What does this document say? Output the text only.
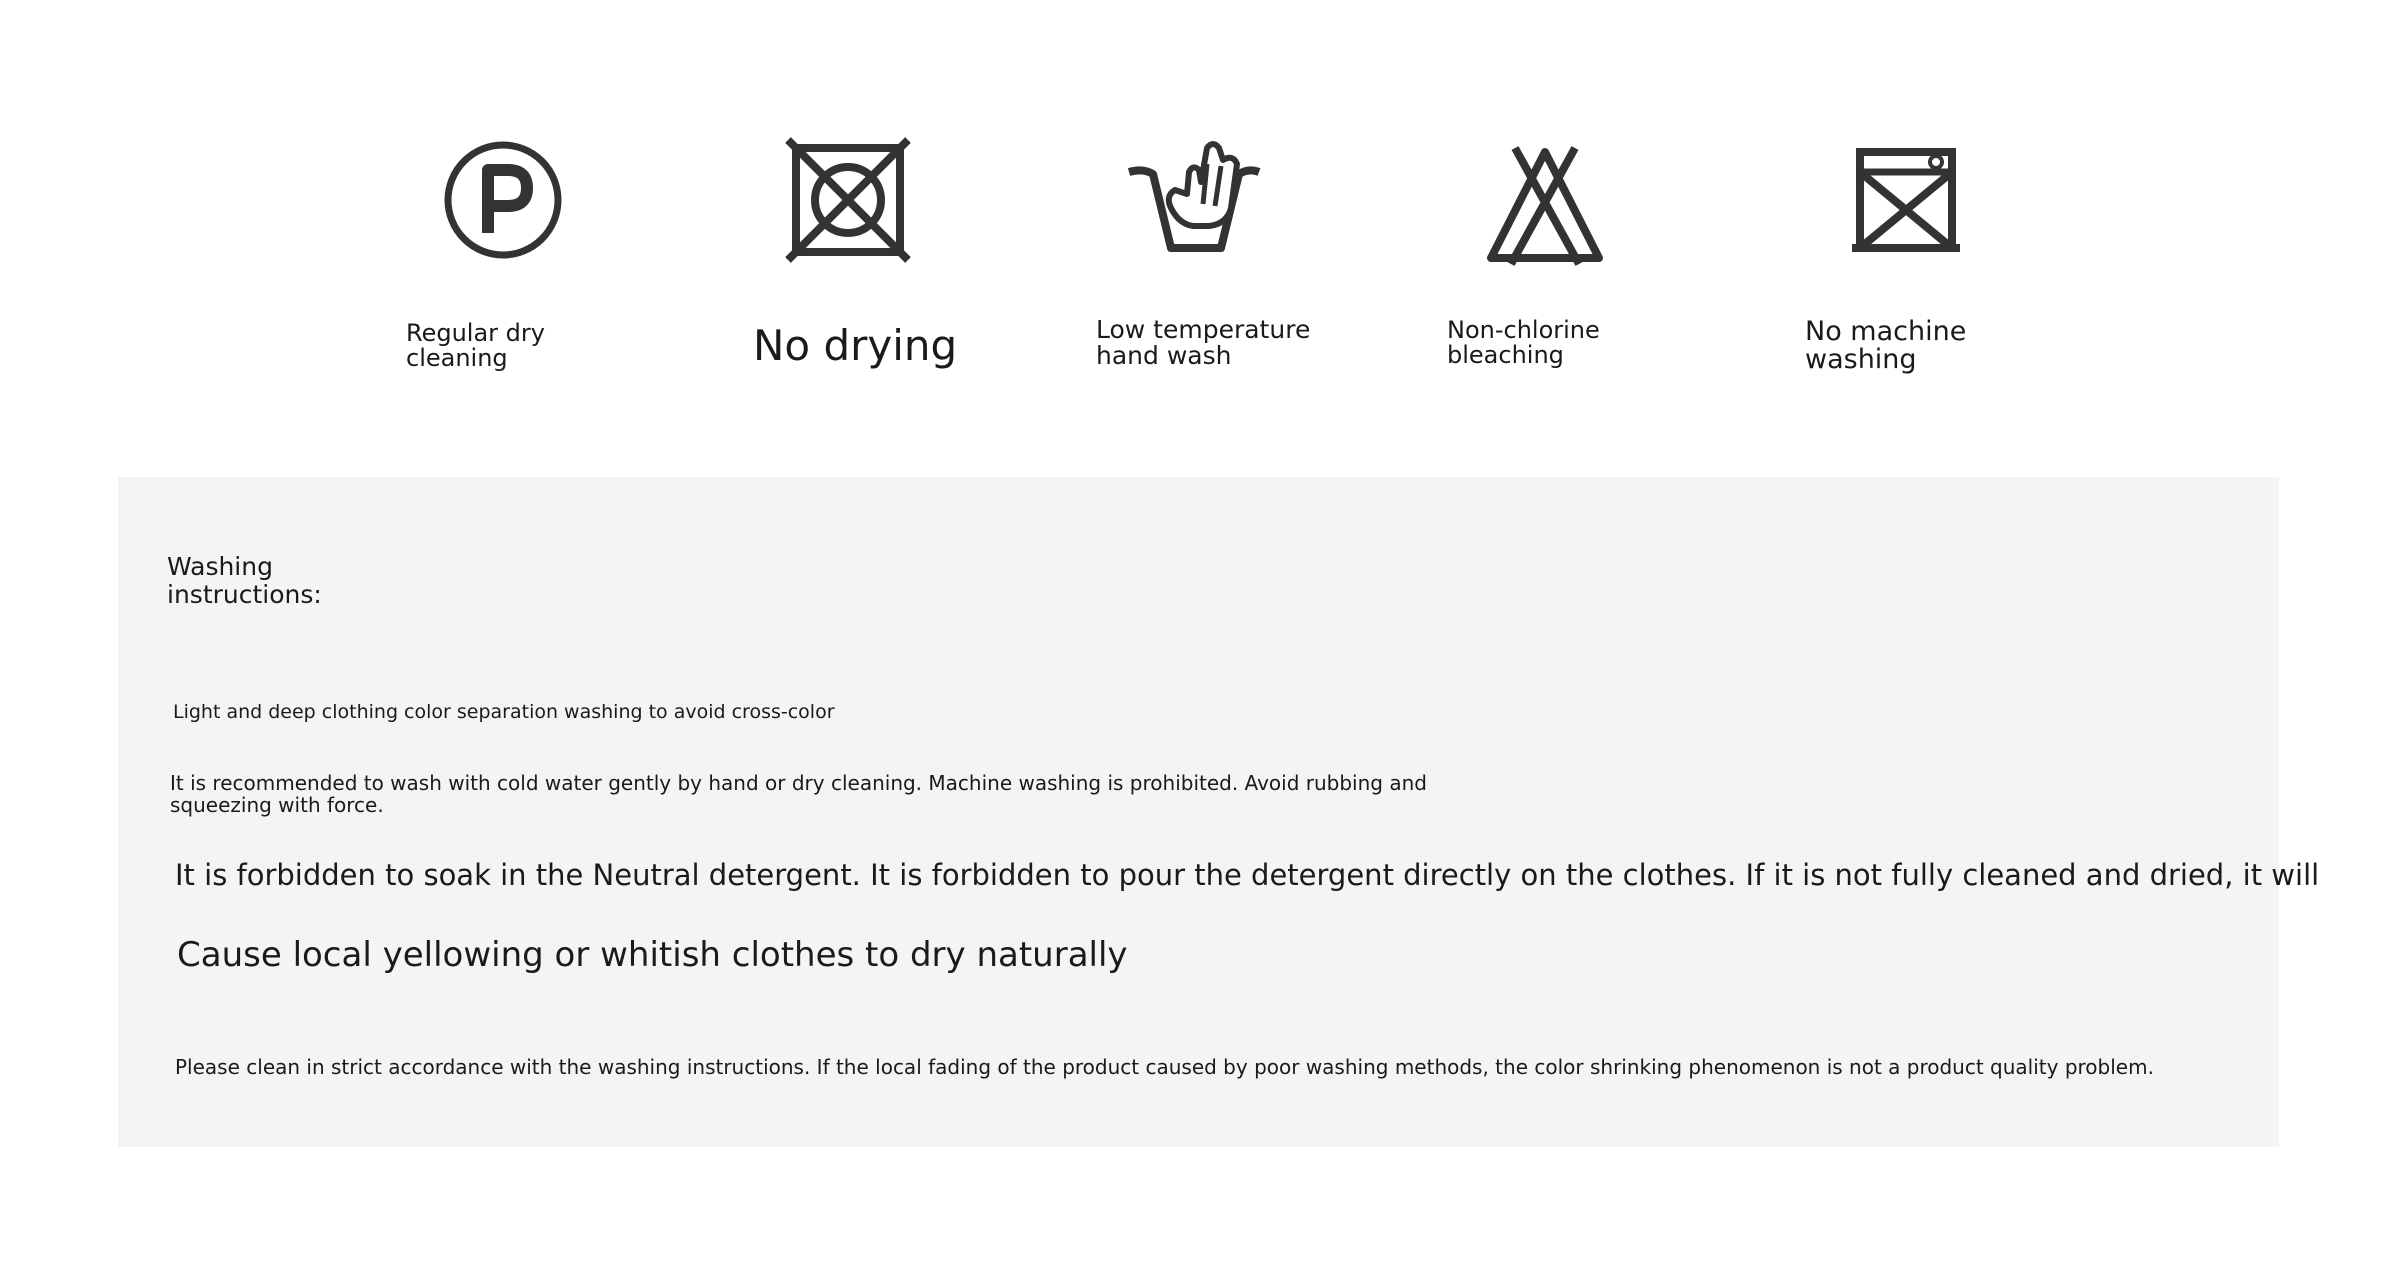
Regular dry
cleaning	No drying	Low temperature
hand wash
Non-chlorine
bleaching
No machine
washing
Washing
instructions:
Light and deep clothing color separation washing to avoid cross-color
It is recommended to wash with cold water gently by hand or dry cleaning. Machine washing is prohibited. Avoid rubbing and
squeezing with force.
It is forbidden to soak in the Neutral detergent. It is forbidden to pour the detergent directly on the clothes. If it is not fully cleaned and dried, it will
Cause local yellowing or whitish clothes to dry naturally
Please clean in strict accordance with the washing instructions. If the local fading of the product caused by poor washing methods, the color shrinking phenomenon is not a product quality problem.
